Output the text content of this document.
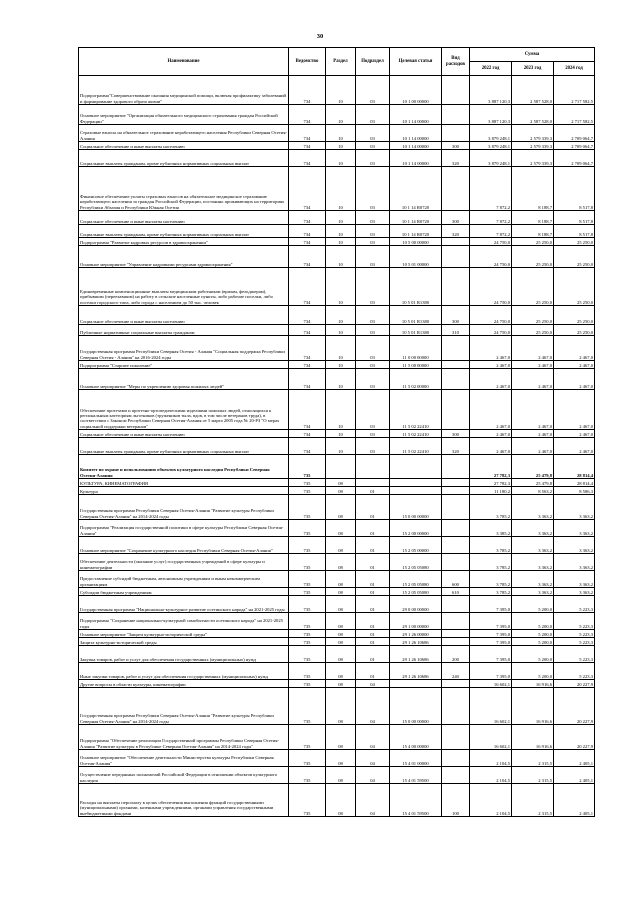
30
Наименование	Ведомство	Раздел	Подраздел	Целевая статья	Вид расходов	Сумма		
						2022 год	2023 год	2024 год
Подпрограмма"Совершенствование оказания медицинской помощи, включая профилактику заболеваний и формирование здорового образа жизни"	734	10	03	10 1 00 00000		3 887 120,3	2 587 528,0	2 717 582,5
Основное мероприятие "Организация обязательного медицинского страхования граждан Российской Федерации"	734	10	03	10 1 14 00000		3 887 120,3	2 587 528,0	2 717 582,5
Страховые взносы на обязательное страхование неработающего населения Республики Северная Осетия-Алания	734	10	03	10 1 14 00000		3 879 248,1	2 579 339,3	2 709 064,7
Социальное обеспечение и иные выплаты населению	734	10	03	10 1 14 00000	300	3 879 248,1	2 579 339,3	2 709 064,7
Социальные выплаты гражданам, кроме публичных нормативных социальных выплат	734	10	03	10 1 14 00000	320	3 879 248,1	2 579 339,3	2 709 064,7
Финансовое обеспечение уплаты страховых взносов на обязательное медицинское страхование неработающего населения за граждан Российской Федерации, постоянно проживающих на территориях Республики Абхазия и Республики Южная Осетия	734	10	03	10 1 14 R0720		7 872,2	8 188,7	8 517,8
Социальное обеспечение и иные выплаты населению	734	10	03	10 1 14 R0720	300	7 872,2	8 188,7	8 517,8
Социальные выплаты гражданам, кроме публичных нормативных социальных выплат	734	10	03	10 1 14 R0720	320	7 872,2	8 188,7	8 517,8
Подпрограмма "Развитие кадровых ресурсов в здравоохранении"	734	10	03	10 5 00 00000		24 750,0	25 250,0	25 250,0
Основное мероприятие "Управление кадровыми ресурсами здравоохранения"	734	10	03	10 5 01 00000		24 750,0	25 250,0	25 250,0
Единовременные компенсационные выплаты медицинским работникам (врачам, фельдшерам), прибывшим (переехавшим) на работу в сельские населенные пункты, либо рабочие поселки, либо поселки городского типа, либо города с населением до 50 тыс. человек	734	10	03	10 5 01 R1380		24 750,0	25 250,0	25 250,0
Социальное обеспечение и иные выплаты населению	734	10	03	10 5 01 R1380	300	24 750,0	25 250,0	25 250,0
Публичные нормативные социальные выплаты гражданам	734	10	03	10 5 01 R1380	310	24 750,0	25 250,0	25 250,0
Государственная программа Республики Северная Осетия - Алания "Социальная поддержка Республики Северная Осетия - Алания" на 2016-2024 годы	734	10	03	11 0 00 00000		2 467,0	2 467,0	2 467,0
Подпрограмма "Старшее поколение"	734	10	03	11 5 00 00000		2 467,0	2 467,0	2 467,0
Основное мероприятие "Меры по укреплению здоровья пожилых людей"	734	10	03	11 5 02 00000		2 467,0	2 467,0	2 467,0
Обеспечение протезами и протезно-ортопедическими изделиями пожилых людей, относящихся к региональным категориям льготников (тружеников тыла, вдов, в том числе ветеранов труда), в соответствии с Законом Республики Северная Осетия-Алания от 5 марта 2005 года № 20-РЗ "О мерах социальной поддержки ветеранов"	734	10	03	11 5 02 22410		2 467,0	2 467,0	2 467,0
Социальное обеспечение и иные выплаты населению	734	10	03	11 5 02 22410	300	2 467,0	2 467,0	2 467,0
Социальные выплаты гражданам, кроме публичных нормативных социальных выплат	734	10	03	11 5 02 22410	320	2 467,0	2 467,0	2 467,0
Комитет по охране и использованию объектов культурного наследия Республики Северная Осетия-Алания	735					27 782,3	25 479,8	28 814,4
КУЛЬТУРА, КИНЕМАТОГРАФИЯ	735	08				27 782,3	25 479,8	28 814,4
Культура	735	08	01			11 180,2	8 563,2	8 586,3
Государственная программа Республики Северная Осетия-Алания "Развитие культуры Республики Северная Осетия-Алания" на 2014-2024 годы	735	08	01	15 0 00 00000		3 785,2	3 363,2	3 363,2
Подпрограмма "Реализация государственной политики в сфере культуры Республики Северная Осетия-Алания"	735	08	01	15 2 00 00000		3 385,2	3 363,2	3 363,2
Основное мероприятие "Сохранение культурного наследия Республики Северная Осетия-Алания"	735	08	01	15 2 05 00000		3 785,2	3 363,2	3 363,2
Обеспечение деятельности (оказание услуг) государственных учреждений в сфере культуры и кинематографии	735	08	01	15 2 05 05080		3 785,2	3 363,2	3 363,2
Предоставление субсидий бюджетным, автономным учреждениям и иным некоммерческим организациям	735	08	01	15 2 05 05080	600	3 785,2	3 363,2	3 363,2
Субсидии бюджетным учреждениям	735	08	01	15 2 05 05080	610	3 785,2	3 363,2	3 363,2
Государственная программа "Национально-культурное развитие осетинского народа" на 2021-2025 годы	735	08	01	29 0 00 00000		7 395,0	5 200,0	5 223,3
Подпрограмма "Сохранение национально-культурной самобытности осетинского народа" на 2021-2025 годы	735	08	01	29 1 00 00000		7 395,0	5 200,0	5 223,3
Основное мероприятие "Защита культурно-исторической среды"	735	08	01	29 1 26 00000		7 395,0	5 200,0	5 223,3
Защита культурно-исторической среды	735	08	01	29 1 26 10686		7 395,0	5 200,0	5 223,3
Закупка товаров, работ и услуг для обеспечения государственных (муниципальных) нужд	735	08	01	29 1 26 10686	200	7 395,0	5 200,0	5 223,3
Иные закупки товаров, работ и услуг для обеспечения государственных (муниципальных) нужд	735	08	01	29 1 26 10686	240	7 395,0	5 200,0	5 223,3
Другие вопросы в области культуры, кинематографии	735	08	04			16 602,1	16 916,6	20 227,9
Государственная программа Республики Северная Осетия-Алания "Развитие культуры Республики Северная Осетия-Алания" на 2014-2024 годы	735	08	04	15 0 00 00000		16 602,1	16 916,6	20 227,9
Подпрограмма "Обеспечение реализации Государственной программы Республики Северная Осетия-Алания "Развитие культуры в Республике Северная Осетия-Алания" на 2014-2024 годы"	735	08	04	15 4 00 00000		16 602,1	16 916,6	20 227,9
Основное мероприятие "Обеспечение деятельности Министерства культуры Республики Северная Осетия-Алания"	735	08	04	15 4 01 00000		2 104,5	2 315,5	2 405,1
Осуществление переданных полномочий Российской Федерации в отношении объектов культурного наследия	735	08	04	15 4 01 59500		2 104,5	2 315,5	2 405,1
Расходы на выплаты персоналу в целях обеспечения выполнения функций государственными (муниципальными) органами, казенными учреждениями, органами управления государственными внебюджетными фондами	735	08	04	15 4 01 59500	100	2 104,5	2 315,5	2 405,1
